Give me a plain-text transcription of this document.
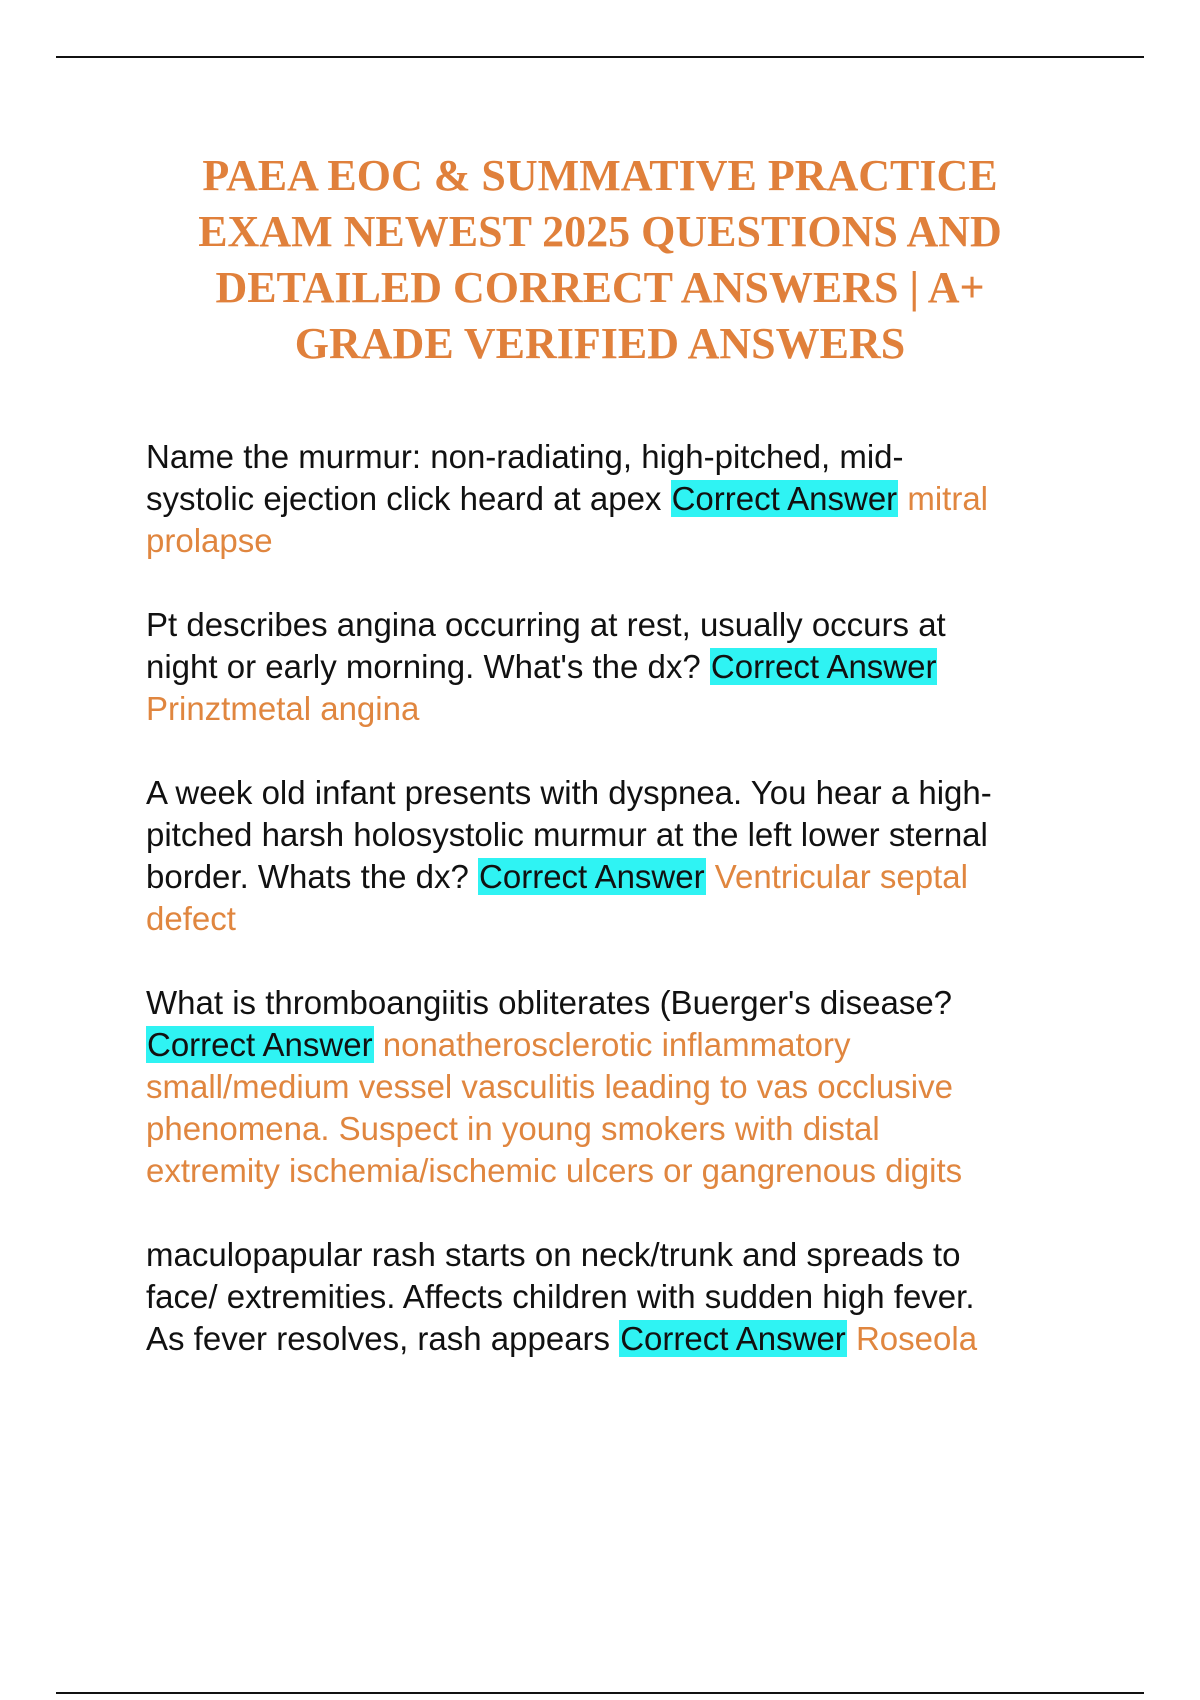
PAEA EOC & SUMMATIVE PRACTICE
EXAM NEWEST 2025 QUESTIONS AND
DETAILED CORRECT ANSWERS | A+
GRADE VERIFIED ANSWERS

Name the murmur: non-radiating, high-pitched, mid-
systolic ejection click heard at apex Correct Answer mitral
prolapse

Pt describes angina occurring at rest, usually occurs at
night or early morning. What's the dx? Correct Answer
Prinztmetal angina

A week old infant presents with dyspnea. You hear a high-
pitched harsh holosystolic murmur at the left lower sternal
border. Whats the dx? Correct Answer Ventricular septal
defect

What is thromboangiitis obliterates (Buerger's disease?
Correct Answer nonatherosclerotic inflammatory
small/medium vessel vasculitis leading to vas occlusive
phenomena. Suspect in young smokers with distal
extremity ischemia/ischemic ulcers or gangrenous digits

maculopapular rash starts on neck/trunk and spreads to
face/ extremities. Affects children with sudden high fever.
As fever resolves, rash appears Correct Answer Roseola
